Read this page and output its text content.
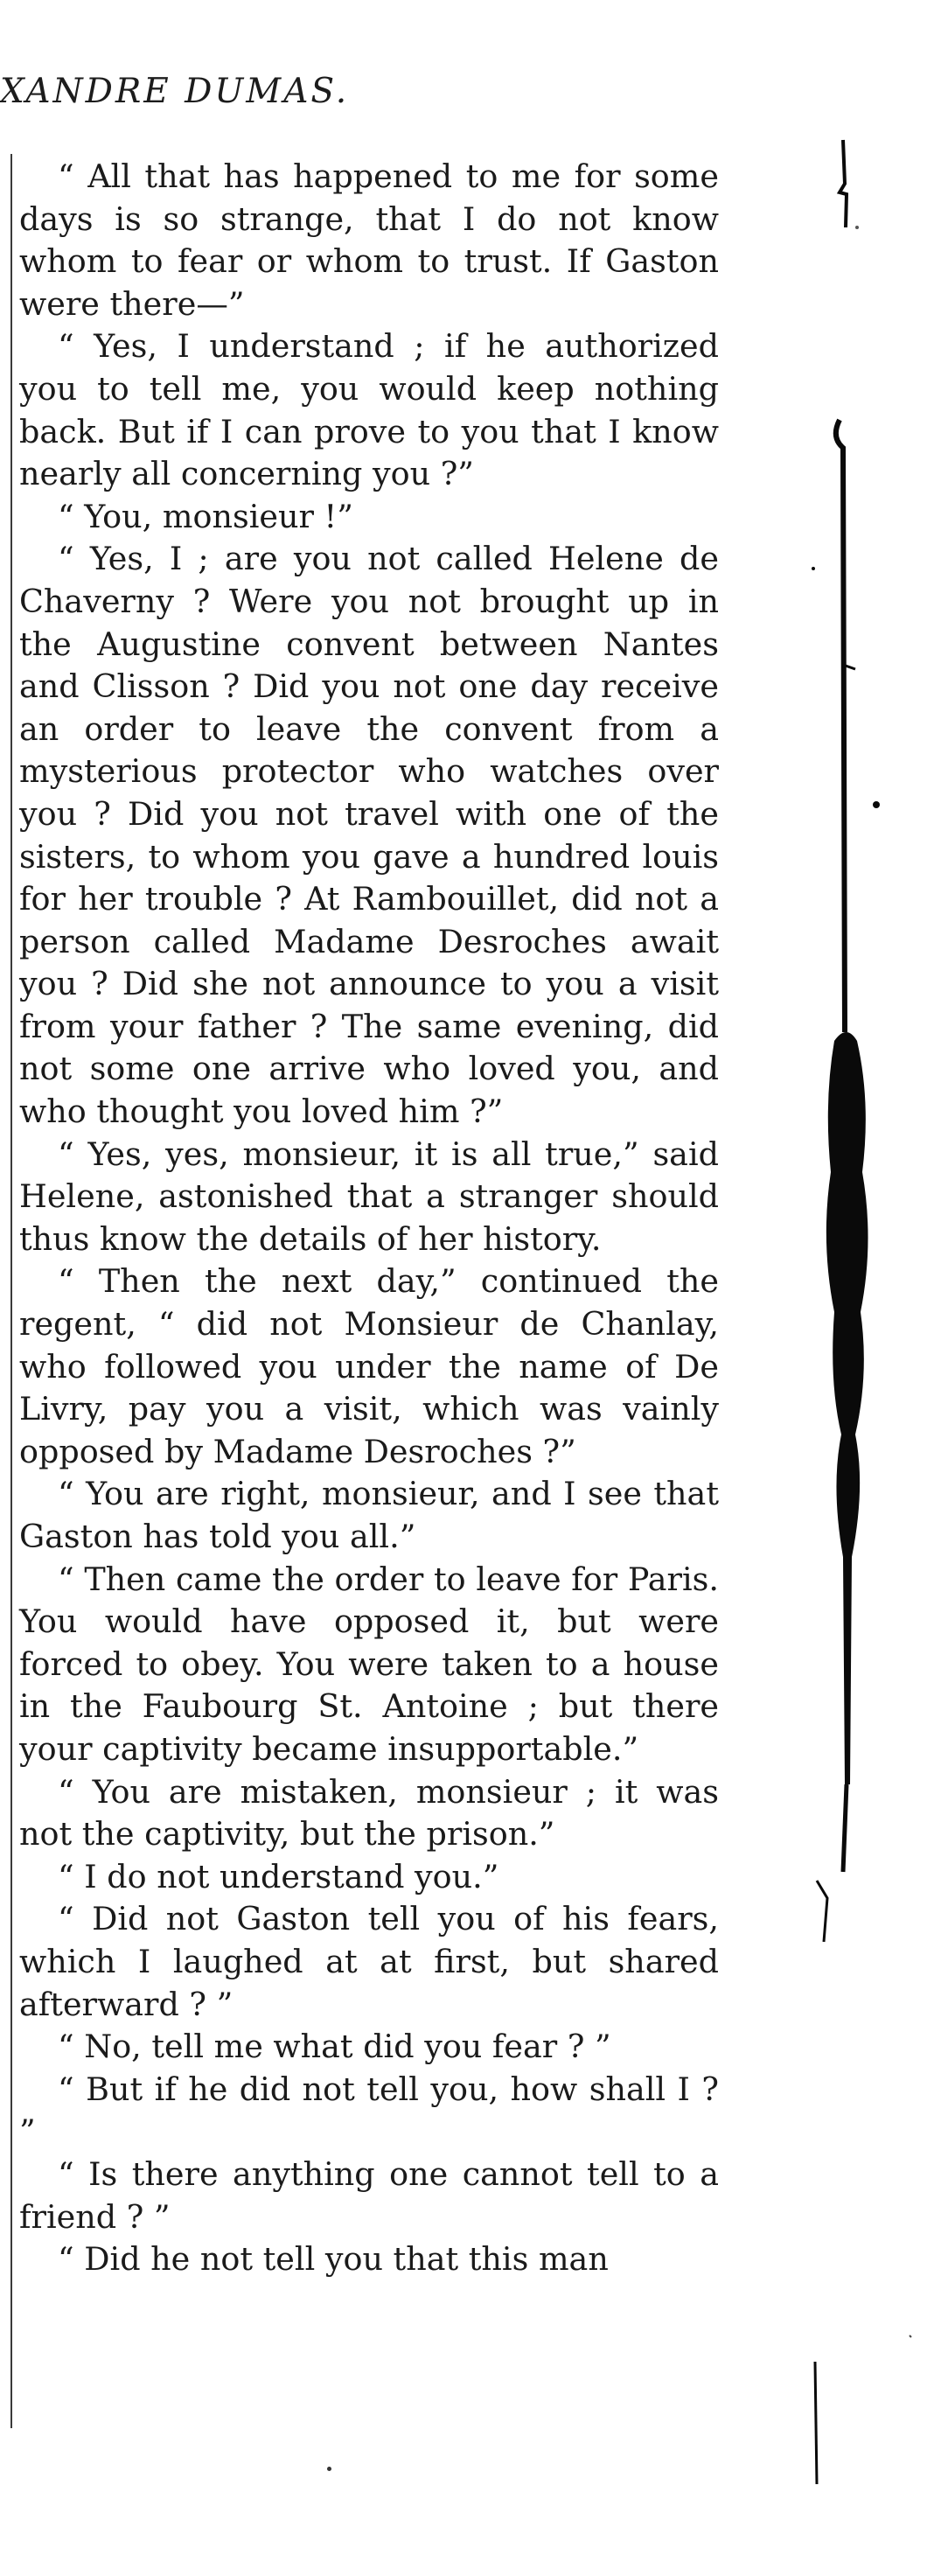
XANDRE DUMAS.

“ All that has happened to me for some days is so strange, that I do not know whom to fear or whom to trust. If Gaston were there—”

“ Yes, I understand ; if he authorized you to tell me, you would keep nothing back. But if I can prove to you that I know nearly all concerning you ?”

“ You, monsieur !”

“ Yes, I ; are you not called Helene de Chaverny ? Were you not brought up in the Augustine convent between Nantes and Clisson ? Did you not one day receive an order to leave the convent from a mysterious protector who watches over you ? Did you not travel with one of the sisters, to whom you gave a hundred louis for her trouble ? At Rambouillet, did not a person called Madame Desroches await you ? Did she not announce to you a visit from your father ? The same evening, did not some one arrive who loved you, and who thought you loved him ?”

“ Yes, yes, monsieur, it is all true,” said Helene, astonished that a stranger should thus know the details of her history.

“ Then the next day,” continued the regent, “ did not Monsieur de Chanlay, who followed you under the name of De Livry, pay you a visit, which was vainly opposed by Madame Desroches ?”

“ You are right, monsieur, and I see that Gaston has told you all.”

“ Then came the order to leave for Paris. You would have opposed it, but were forced to obey. You were taken to a house in the Faubourg St. Antoine ; but there your captivity became insupportable.”

“ You are mistaken, monsieur ; it was not the captivity, but the prison.”

“ I do not understand you.”

“ Did not Gaston tell you of his fears, which I laughed at at first, but shared afterward ? ”

“ No, tell me what did you fear ? ”

“ But if he did not tell you, how shall I ? ”

“ Is there anything one cannot tell to a friend ? ”

“ Did he not tell you that this man
